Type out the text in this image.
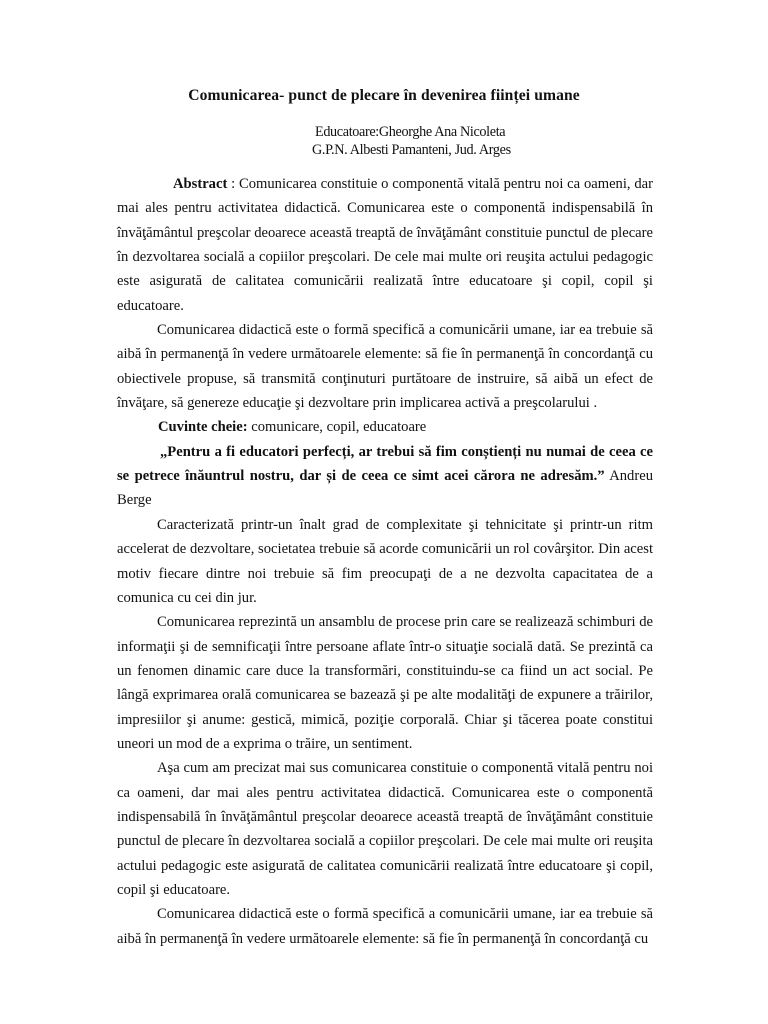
Comunicarea- punct de plecare în devenirea ființei umane
Educatoare:Gheorghe Ana Nicoleta
G.P.N. Albesti Pamanteni, Jud. Arges

Abstract : Comunicarea constituie o componentă vitală pentru noi ca oameni, dar mai ales pentru activitatea didactică. Comunicarea este o componentă indispensabilă în învăţământul preşcolar deoarece această treaptă de învăţământ constituie punctul de plecare în dezvoltarea socială a copiilor preşcolari. De cele mai multe ori reuşita actului pedagogic este asigurată de calitatea comunicării realizată între educatoare şi copil, copil şi educatoare.

Comunicarea didactică este o formă specifică a comunicării umane, iar ea trebuie să aibă în permanenţă în vedere următoarele elemente: să fie în permanenţă în concordanţă cu obiectivele propuse, să transmită conţinuturi purtătoare de instruire, să aibă un efect de învăţare, să genereze educaţie şi dezvoltare prin implicarea activă a preşcolarului .

Cuvinte cheie: comunicare, copil, educatoare

„Pentru a fi educatori perfecți, ar trebui să fim conștienți nu numai de ceea ce se petrece înăuntrul nostru, dar și de ceea ce simt acei cărora ne adresăm.” Andreu Berge

Caracterizată printr-un înalt grad de complexitate şi tehnicitate şi printr-un ritm accelerat de dezvoltare, societatea trebuie să acorde comunicării un rol covârşitor. Din acest motiv fiecare dintre noi trebuie să fim preocupaţi de a ne dezvolta capacitatea de a comunica cu cei din jur.

Comunicarea reprezintă un ansamblu de procese prin care se realizează schimburi de informaţii şi de semnificaţii între persoane aflate într-o situaţie socială dată. Se prezintă ca un fenomen dinamic care duce la transformări, constituindu-se ca fiind un act social. Pe lângă exprimarea orală comunicarea se bazează şi pe alte modalităţi de expunere a trăirilor, impresiilor şi anume: gestică, mimică, poziţie corporală. Chiar şi tăcerea poate constitui uneori un mod de a exprima o trăire, un sentiment.

Aşa cum am precizat mai sus comunicarea constituie o componentă vitală pentru noi ca oameni, dar mai ales pentru activitatea didactică. Comunicarea este o componentă indispensabilă în învăţământul preşcolar deoarece această treaptă de învăţământ constituie punctul de plecare în dezvoltarea socială a copiilor preşcolari. De cele mai multe ori reuşita actului pedagogic este asigurată de calitatea comunicării realizată între educatoare şi copil, copil şi educatoare.

Comunicarea didactică este o formă specifică a comunicării umane, iar ea trebuie să aibă în permanenţă în vedere următoarele elemente: să fie în permanenţă în concordanţă cu
